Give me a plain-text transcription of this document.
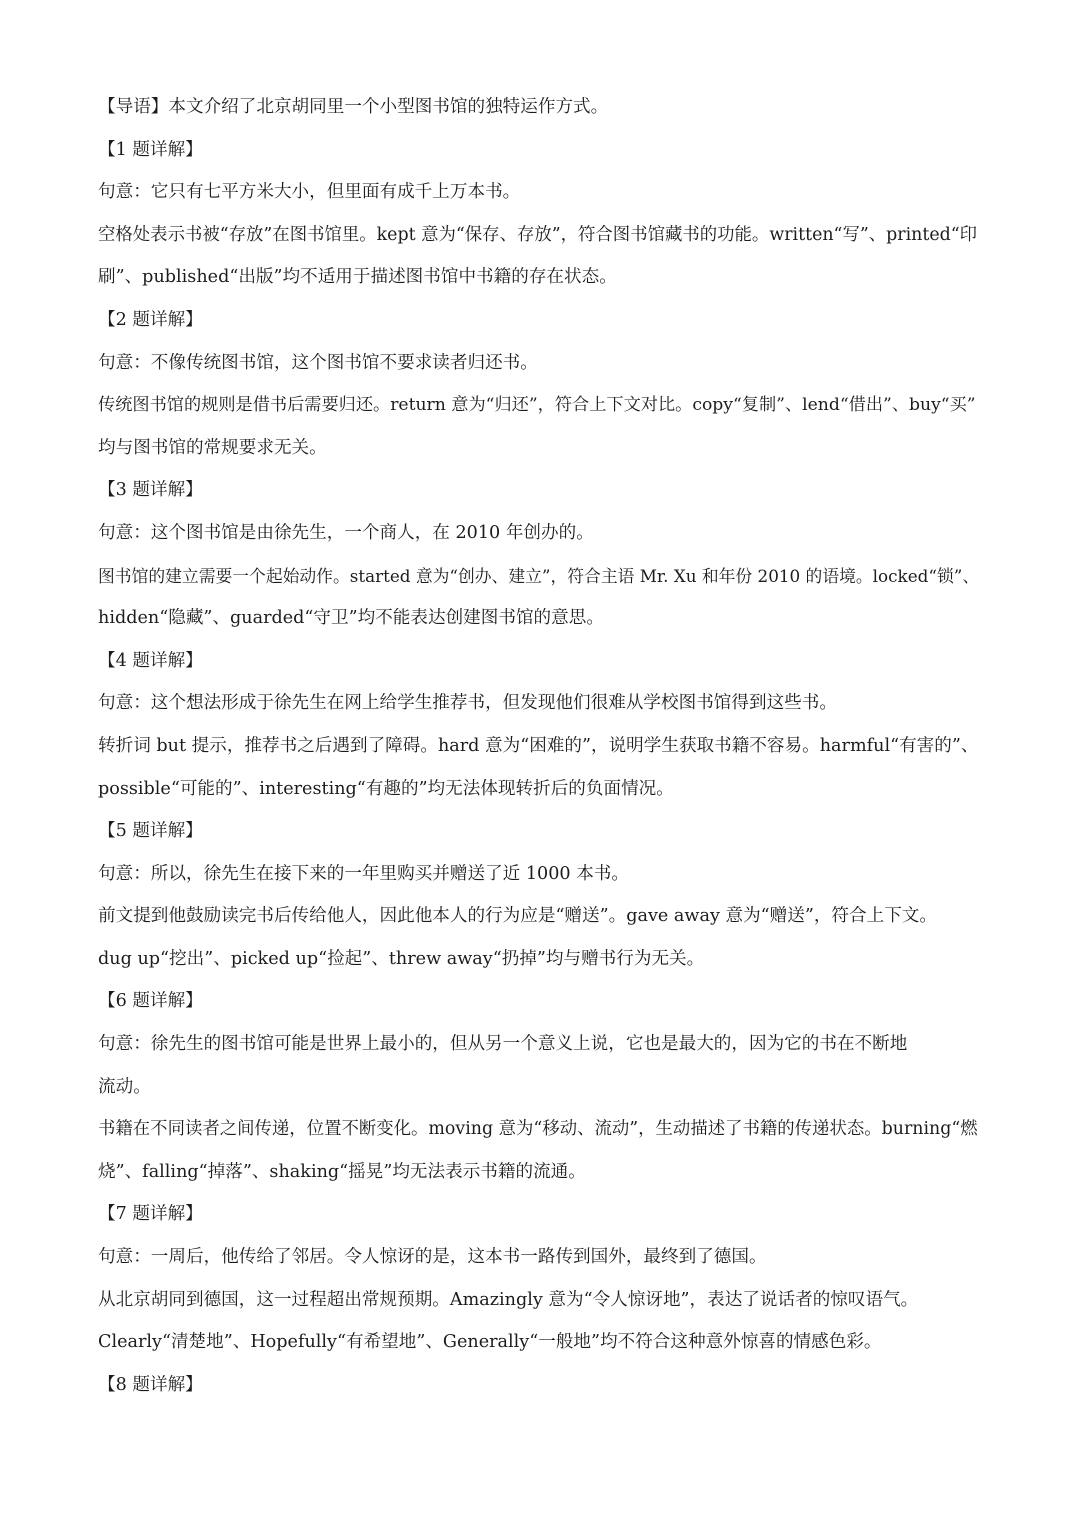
【导语】本文介绍了北京胡同里一个小型图书馆的独特运作方式。
【1 题详解】
句意：它只有七平方米大小，但里面有成千上万本书。
空格处表示书被“存放”在图书馆里。kept 意为“保存、存放”，符合图书馆藏书的功能。written“写”、printed“印
刷”、published“出版”均不适用于描述图书馆中书籍的存在状态。
【2 题详解】
句意：不像传统图书馆，这个图书馆不要求读者归还书。
传统图书馆的规则是借书后需要归还。return 意为“归还”，符合上下文对比。copy“复制”、lend“借出”、buy“买”
均与图书馆的常规要求无关。
【3 题详解】
句意：这个图书馆是由徐先生，一个商人，在 2010 年创办的。
图书馆的建立需要一个起始动作。started 意为“创办、建立”，符合主语 Mr. Xu 和年份 2010 的语境。locked“锁”、
hidden“隐藏”、guarded“守卫”均不能表达创建图书馆的意思。
【4 题详解】
句意：这个想法形成于徐先生在网上给学生推荐书，但发现他们很难从学校图书馆得到这些书。
转折词 but 提示，推荐书之后遇到了障碍。hard 意为“困难的”，说明学生获取书籍不容易。harmful“有害的”、
possible“可能的”、interesting“有趣的”均无法体现转折后的负面情况。
【5 题详解】
句意：所以，徐先生在接下来的一年里购买并赠送了近 1000 本书。
前文提到他鼓励读完书后传给他人，因此他本人的行为应是“赠送”。gave away 意为“赠送”，符合上下文。
dug up“挖出”、picked up“捡起”、threw away“扔掉”均与赠书行为无关。
【6 题详解】
句意：徐先生的图书馆可能是世界上最小的，但从另一个意义上说，它也是最大的，因为它的书在不断地
流动。
书籍在不同读者之间传递，位置不断变化。moving 意为“移动、流动”，生动描述了书籍的传递状态。burning“燃
烧”、falling“掉落”、shaking“摇晃”均无法表示书籍的流通。
【7 题详解】
句意：一周后，他传给了邻居。令人惊讶的是，这本书一路传到国外，最终到了德国。
从北京胡同到德国，这一过程超出常规预期。Amazingly 意为“令人惊讶地”，表达了说话者的惊叹语气。
Clearly“清楚地”、Hopefully“有希望地”、Generally“一般地”均不符合这种意外惊喜的情感色彩。
【8 题详解】
